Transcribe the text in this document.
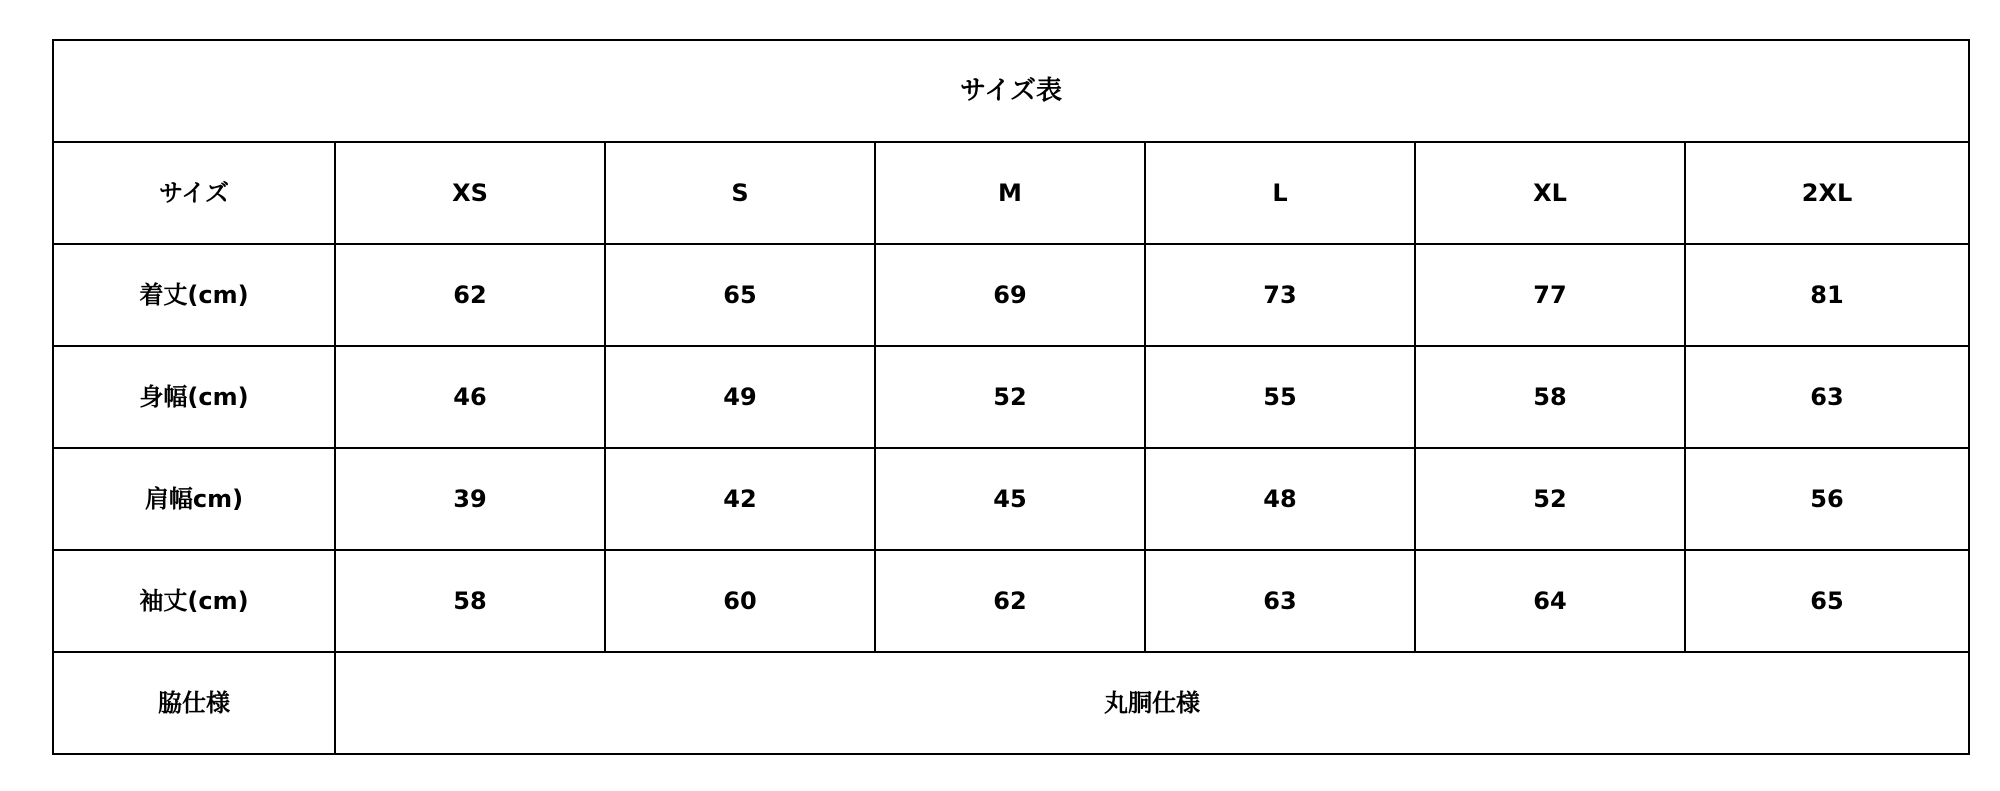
サイズ表						
サイズ	XS	S	M	L	XL	2XL
着丈(cm)	62	65	69	73	77	81
身幅(cm)	46	49	52	55	58	63
肩幅cm)	39	42	45	48	52	56
袖丈(cm)	58	60	62	63	64	65
脇仕様	丸胴仕様					
